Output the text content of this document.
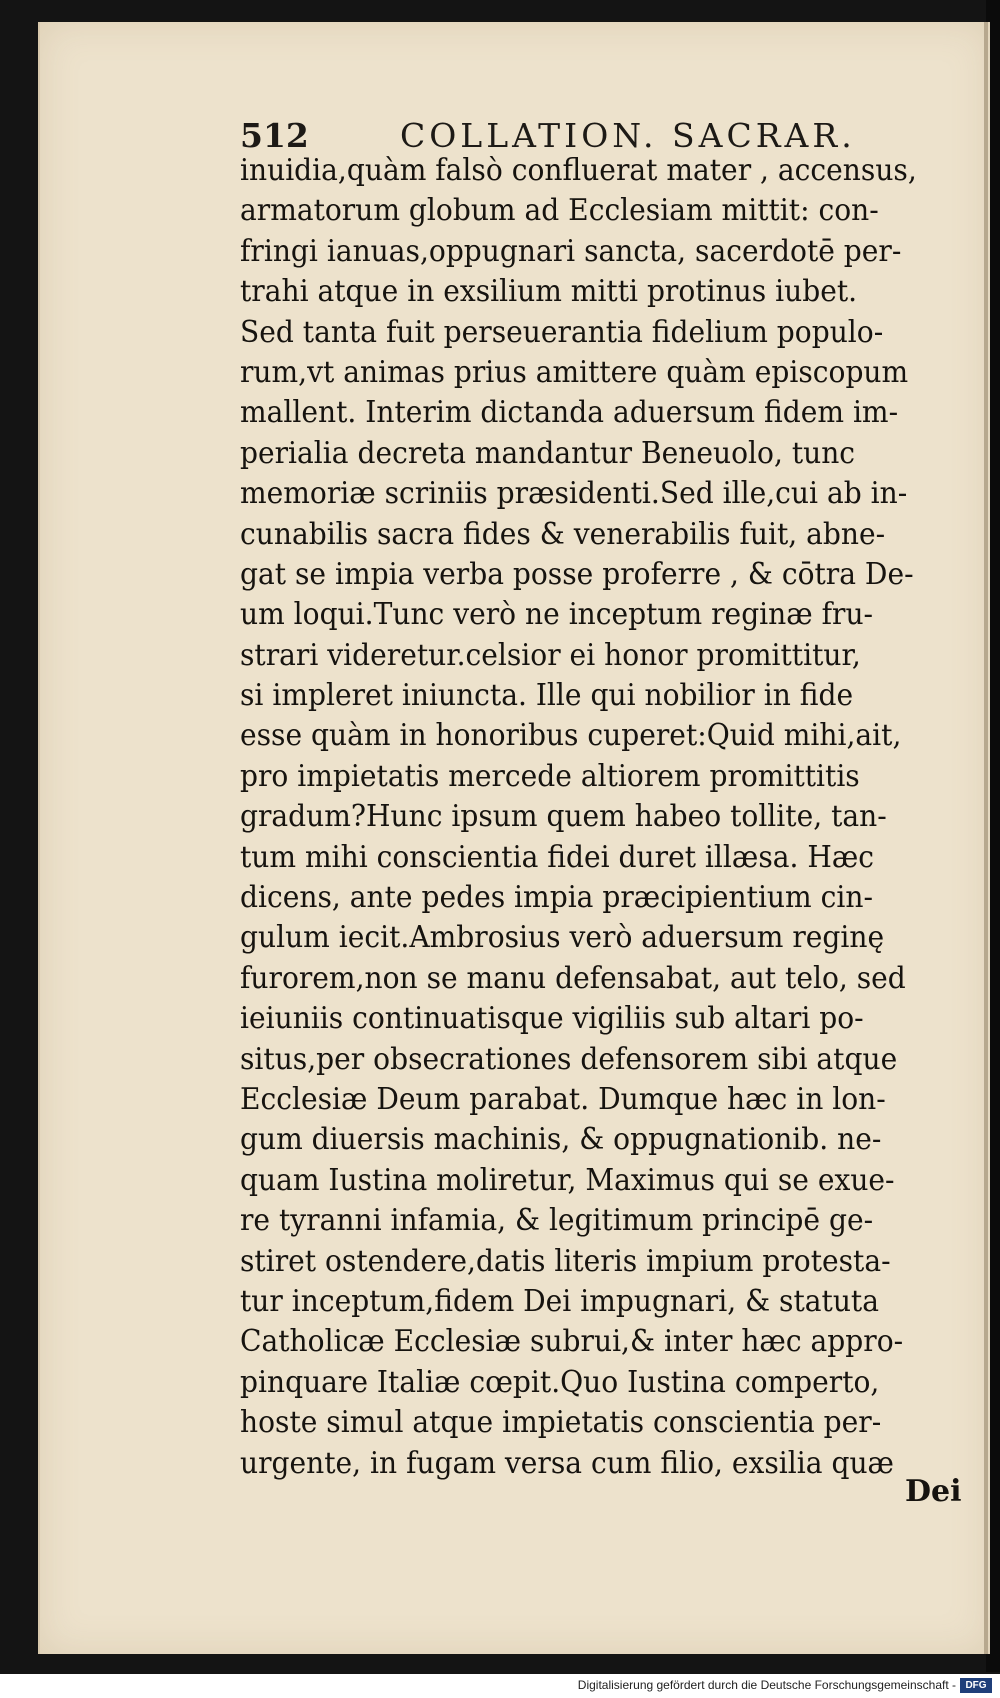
512	COLLATION. SACRAR.
inuidia,quàm falsò confluerat mater , accensus,
armatorum globum ad Ecclesiam mittit: con-
fringi ianuas,oppugnari sancta, sacerdotē per-
trahi atque in exsilium mitti protinus iubet.
Sed tanta fuit perseuerantia fidelium populo-
rum,vt animas prius amittere quàm episcopum
mallent. Interim dictanda aduersum fidem im-
perialia decreta mandantur Beneuolo, tunc
memoriæ scriniis præsidenti.Sed ille,cui ab in-
cunabilis sacra fides & venerabilis fuit, abne-
gat se impia verba posse proferre , & cōtra De-
um loqui.Tunc verò ne inceptum reginæ fru-
strari videretur.celsior ei honor promittitur,
si impleret iniuncta. Ille qui nobilior in fide
esse quàm in honoribus cuperet:Quid mihi,ait,
pro impietatis mercede altiorem promittitis
gradum?Hunc ipsum quem habeo tollite, tan-
tum mihi conscientia fidei duret illæsa. Hæc
dicens, ante pedes impia præcipientium cin-
gulum iecit.Ambrosius verò aduersum reginę
furorem,non se manu defensabat, aut telo, sed
ieiuniis continuatisque vigiliis sub altari po-
situs,per obsecrationes defensorem sibi atque
Ecclesiæ Deum parabat. Dumque hæc in lon-
gum diuersis machinis, & oppugnationib. ne-
quam Iustina moliretur, Maximus qui se exue-
re tyranni infamia, & legitimum principē ge-
stiret ostendere,datis literis impium protesta-
tur inceptum,fidem Dei impugnari, & statuta
Catholicæ Ecclesiæ subrui,& inter hæc appro-
pinquare Italiæ cœpit.Quo Iustina comperto,
hoste simul atque impietatis conscientia per-
urgente, in fugam versa cum filio, exsilia quæ
Dei
Digitalisierung gefördert durch die Deutsche Forschungsgemeinschaft - DFG
